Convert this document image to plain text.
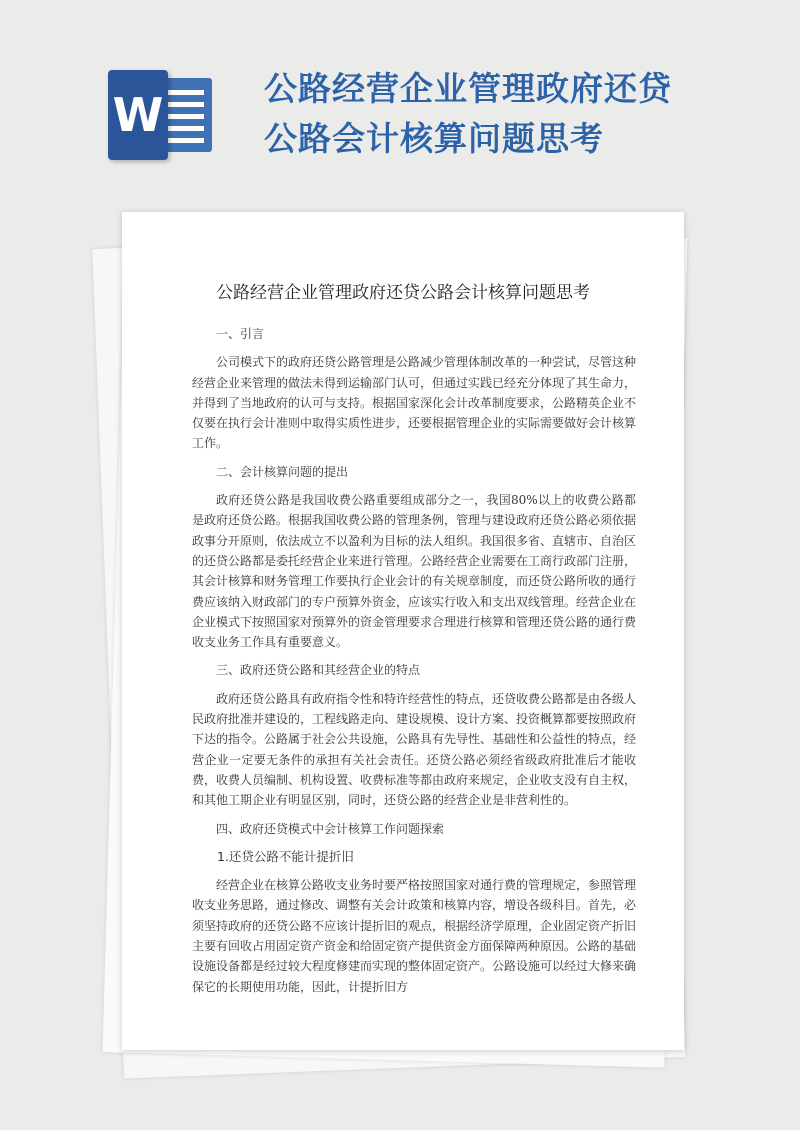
W	公路经营企业管理政府还贷公路会计核算问题思考
公路经营企业管理政府还贷公路会计核算问题思考
一、引言

公司模式下的政府还贷公路管理是公路减少管理体制改革的一种尝试，尽管这种经营企业来管理的做法未得到运输部门认可，但通过实践已经充分体现了其生命力，并得到了当地政府的认可与支持。根据国家深化会计改革制度要求，公路精英企业不仅要在执行会计准则中取得实质性进步，还要根据管理企业的实际需要做好会计核算工作。

二、会计核算问题的提出

政府还贷公路是我国收费公路重要组成部分之一，我国80%以上的收费公路都是政府还贷公路。根据我国收费公路的管理条例，管理与建设政府还贷公路必须依据政事分开原则，依法成立不以盈利为目标的法人组织。我国很多省、直辖市、自治区的还贷公路都是委托经营企业来进行管理。公路经营企业需要在工商行政部门注册，其会计核算和财务管理工作要执行企业会计的有关规章制度，而还贷公路所收的通行费应该纳入财政部门的专户预算外资金，应该实行收入和支出双线管理。经营企业在企业模式下按照国家对预算外的资金管理要求合理进行核算和管理还贷公路的通行费收支业务工作具有重要意义。

三、政府还贷公路和其经营企业的特点

政府还贷公路具有政府指令性和特许经营性的特点，还贷收费公路都是由各级人民政府批准并建设的，工程线路走向、建设规模、设计方案、投资概算都要按照政府下达的指令。公路属于社会公共设施，公路具有先导性、基础性和公益性的特点，经营企业一定要无条件的承担有关社会责任。还贷公路必须经省级政府批准后才能收费，收费人员编制、机构设置、收费标准等都由政府来规定，企业收支没有自主权，和其他工期企业有明显区别，同时，还贷公路的经营企业是非营利性的。

四、政府还贷模式中会计核算工作问题探索
1.还贷公路不能计提折旧

经营企业在核算公路收支业务时要严格按照国家对通行费的管理规定，参照管理收支业务思路，通过修改、调整有关会计政策和核算内容，增设各级科目。首先，必须坚持政府的还贷公路不应该计提折旧的观点，根据经济学原理，企业固定资产折旧主要有回收占用固定资产资金和给固定资产提供资金方面保障两种原因。公路的基础设施设备都是经过较大程度修建而实现的整体固定资产。公路设施可以经过大修来确保它的长期使用功能，因此，计提折旧方
